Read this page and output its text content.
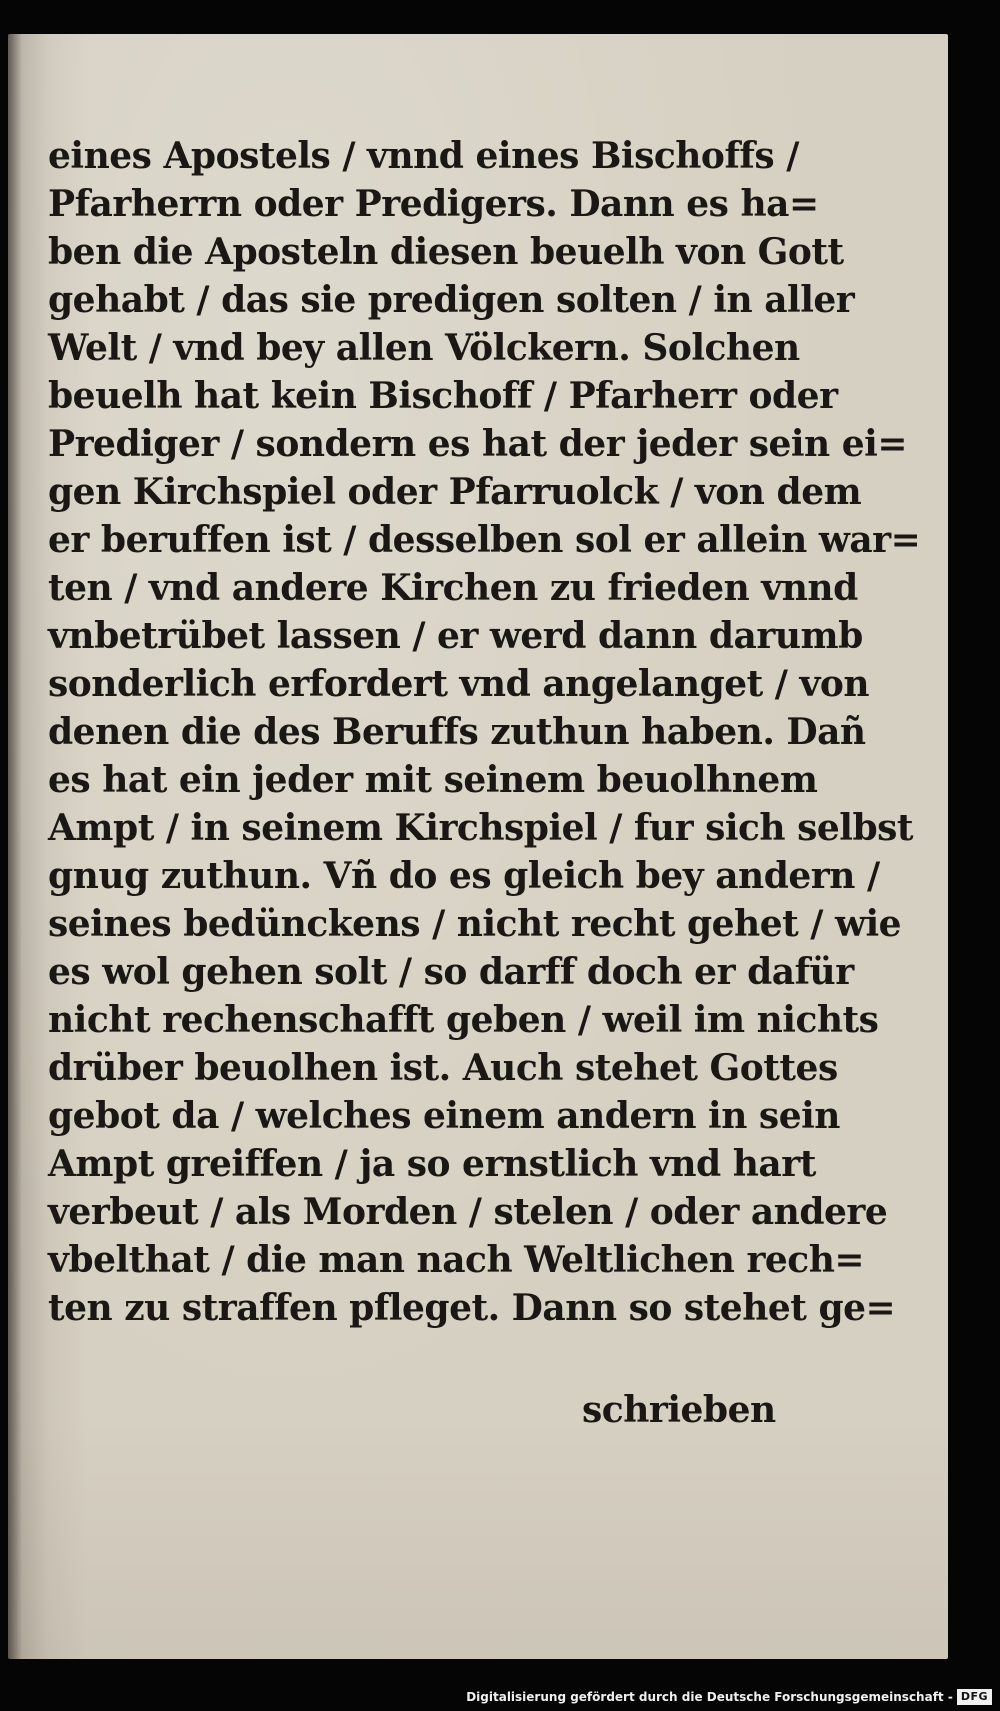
eines Apostels / vnnd eines Bischoffs /
Pfarherrn oder Predigers. Dann es ha=
ben die Aposteln diesen beuelh von Gott
gehabt / das sie predigen solten / in aller
Welt / vnd bey allen Völckern. Solchen
beuelh hat kein Bischoff / Pfarherr oder
Prediger / sondern es hat der jeder sein ei=
gen Kirchspiel oder Pfarruolck / von dem
er beruffen ist / desselben sol er allein war=
ten / vnd andere Kirchen zu frieden vnnd
vnbetrübet lassen / er werd dann darumb
sonderlich erfordert vnd angelanget / von
denen die des Beruffs zuthun haben. Dañ
es hat ein jeder mit seinem beuolhnem
Ampt / in seinem Kirchspiel / fur sich selbst
gnug zuthun. Vñ do es gleich bey andern /
seines bedünckens / nicht recht gehet / wie
es wol gehen solt / so darff doch er dafür
nicht rechenschafft geben / weil im nichts
drüber beuolhen ist. Auch stehet Gottes
gebot da / welches einem andern in sein
Ampt greiffen / ja so ernstlich vnd hart
verbeut / als Morden / stelen / oder andere
vbelthat / die man nach Weltlichen rech=
ten zu straffen pfleget. Dann so stehet ge=
schrieben
Digitalisierung gefördert durch die Deutsche Forschungsgemeinschaft - DFG
